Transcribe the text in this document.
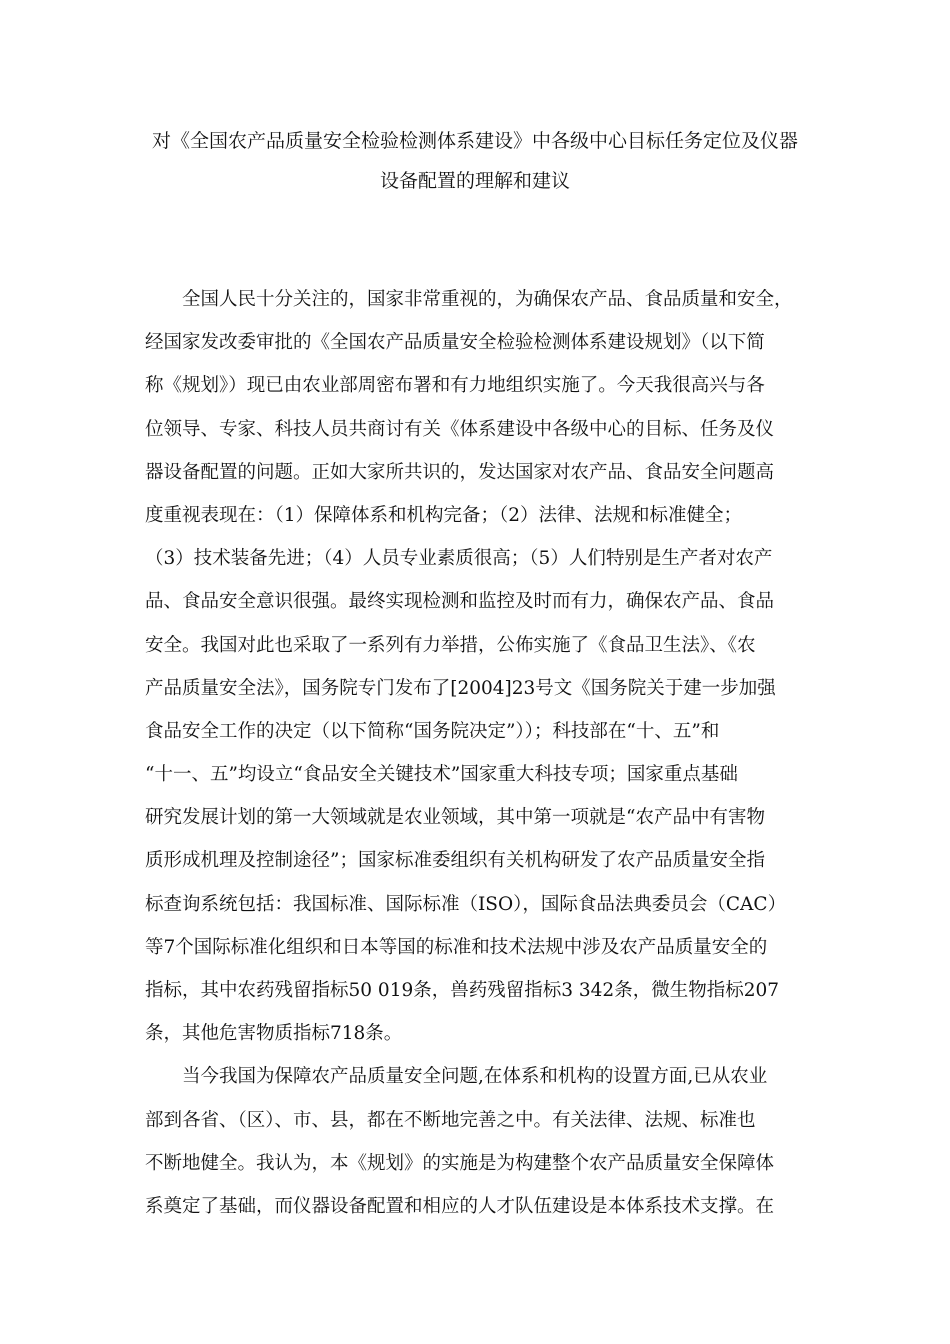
对《全国农产品质量安全检验检测体系建设》中各级中心目标任务定位及仪器
设备配置的理解和建议
　　全国人民十分关注的，国家非常重视的，为确保农产品、食品质量和安全，
经国家发改委审批的《全国农产品质量安全检验检测体系建设规划》（以下简
称《规划》）现已由农业部周密布署和有力地组织实施了。今天我很高兴与各
位领导、专家、科技人员共商讨有关《体系建设中各级中心的目标、任务及仪
器设备配置的问题。正如大家所共识的，发达国家对农产品、食品安全问题高
度重视表现在：（1）保障体系和机构完备；（2）法律、法规和标准健全；
（3）技术装备先进；（4）人员专业素质很高；（5）人们特别是生产者对农产
品、食品安全意识很强。最终实现检测和监控及时而有力，确保农产品、食品
安全。我国对此也采取了一系列有力举措，公佈实施了《食品卫生法》、《农
产品质量安全法》，国务院专门发布了[2004]23号文《国务院关于建一步加强
食品安全工作的决定（以下简称“国务院决定”））；科技部在“十、五”和
“十一、五”均设立“食品安全关键技术”国家重大科技专项；国家重点基础
研究发展计划的第一大领域就是农业领域，其中第一项就是“农产品中有害物
质形成机理及控制途径”；国家标准委组织有关机构研发了农产品质量安全指
标查询系统包括：我国标准、国际标准（ISO），国际食品法典委员会（CAC）
等7个国际标准化组织和日本等国的标准和技术法规中涉及农产品质量安全的
指标，其中农药残留指标50 019条，兽药残留指标3 342条，微生物指标207
条，其他危害物质指标718条。
　　当今我国为保障农产品质量安全问题,在体系和机构的设置方面,已从农业
部到各省、（区）、市、县，都在不断地完善之中。有关法律、法规、标准也
不断地健全。我认为，本《规划》的实施是为构建整个农产品质量安全保障体
系奠定了基础，而仪器设备配置和相应的人才队伍建设是本体系技术支撑。在
